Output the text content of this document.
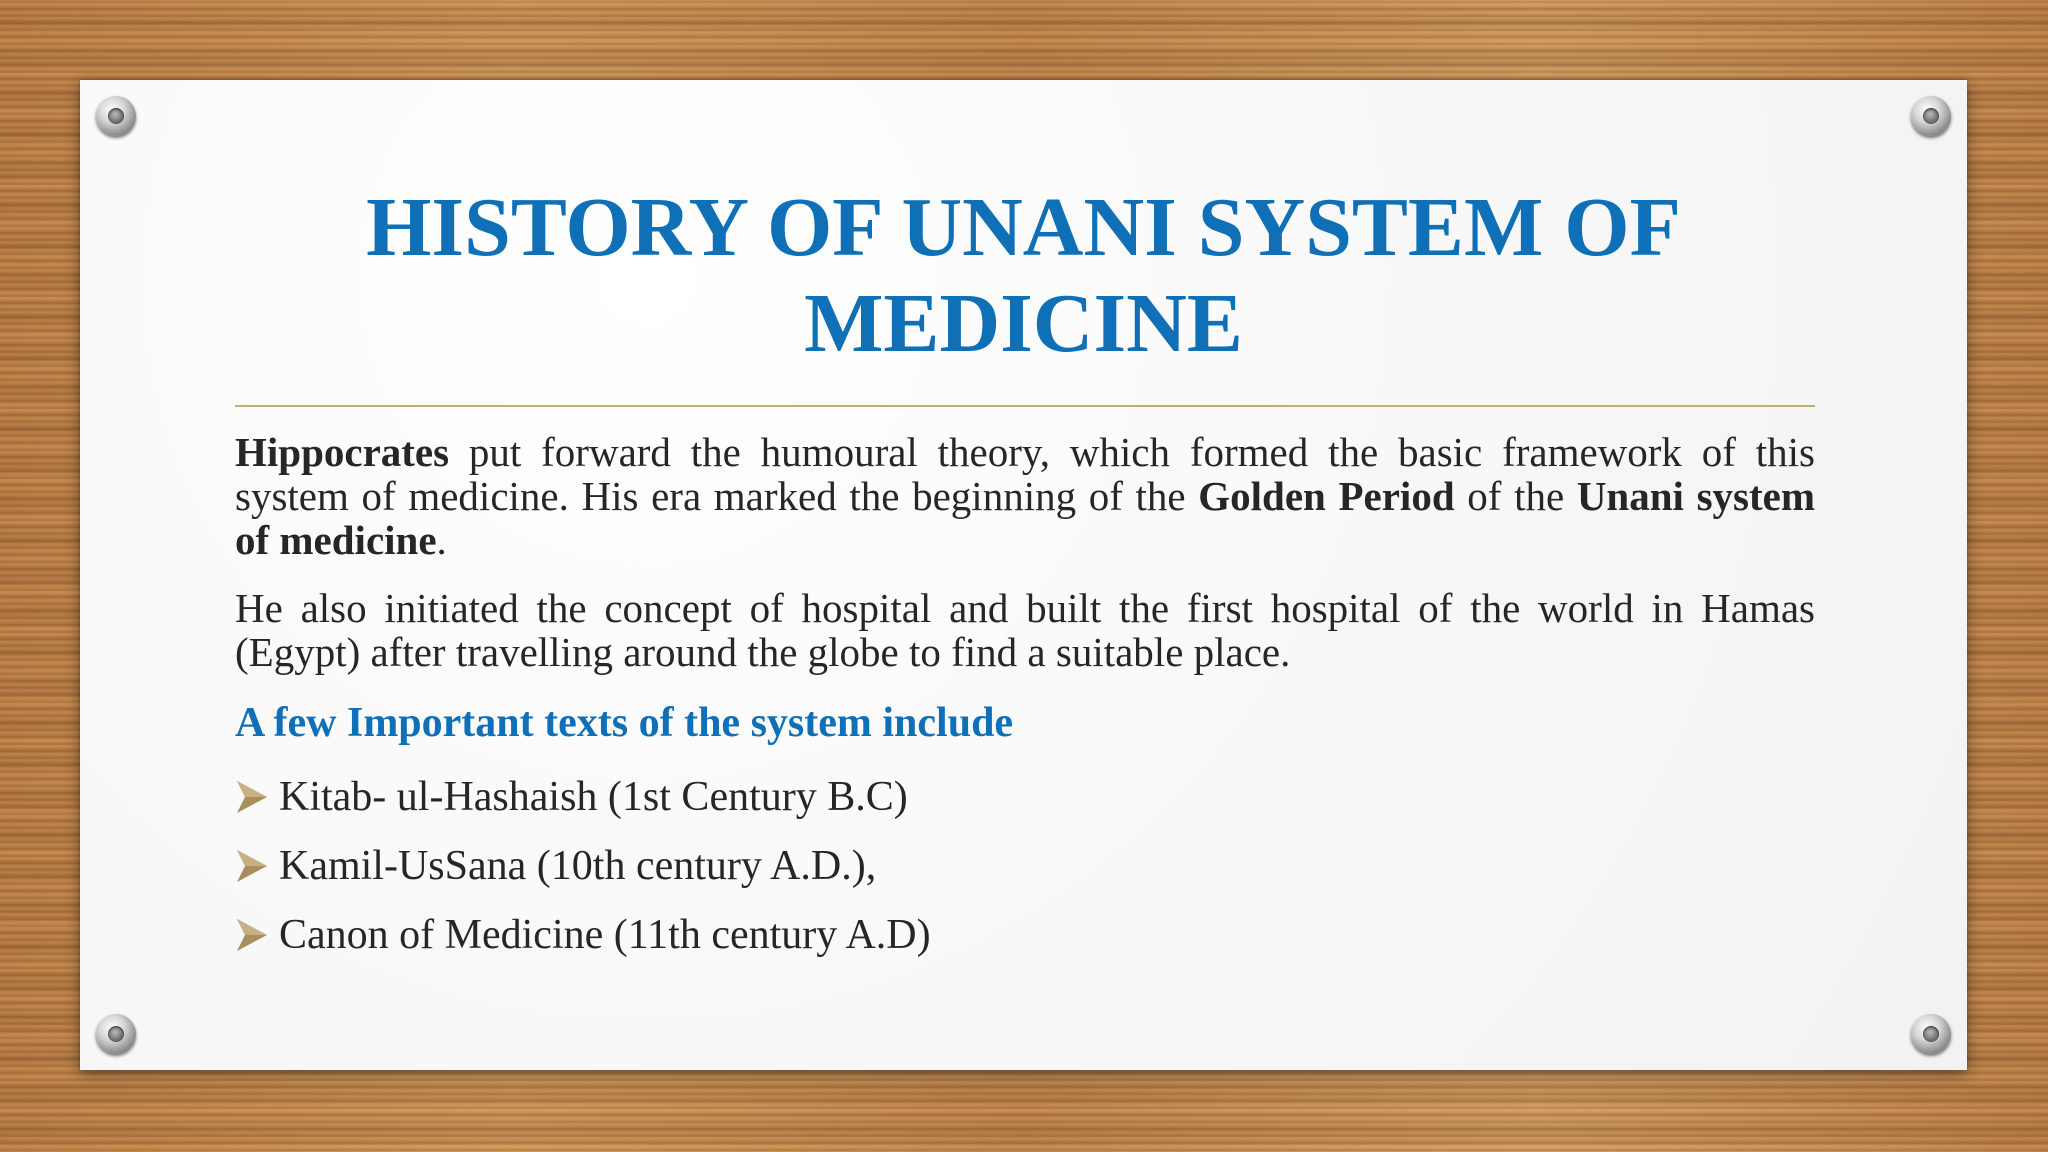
HISTORY OF UNANI SYSTEM OF
MEDICINE

Hippocrates put forward the humoural theory, which formed the basic framework of this system of medicine. His era marked the beginning of the Golden Period of the Unani system of medicine.

He also initiated the concept of hospital and built the first hospital of the world in Hamas (Egypt) after travelling around the globe to find a suitable place.

A few Important texts of the system include
Kitab- ul-Hashaish (1st Century B.C)
Kamil-UsSana (10th century A.D.),
Canon of Medicine (11th century A.D)
